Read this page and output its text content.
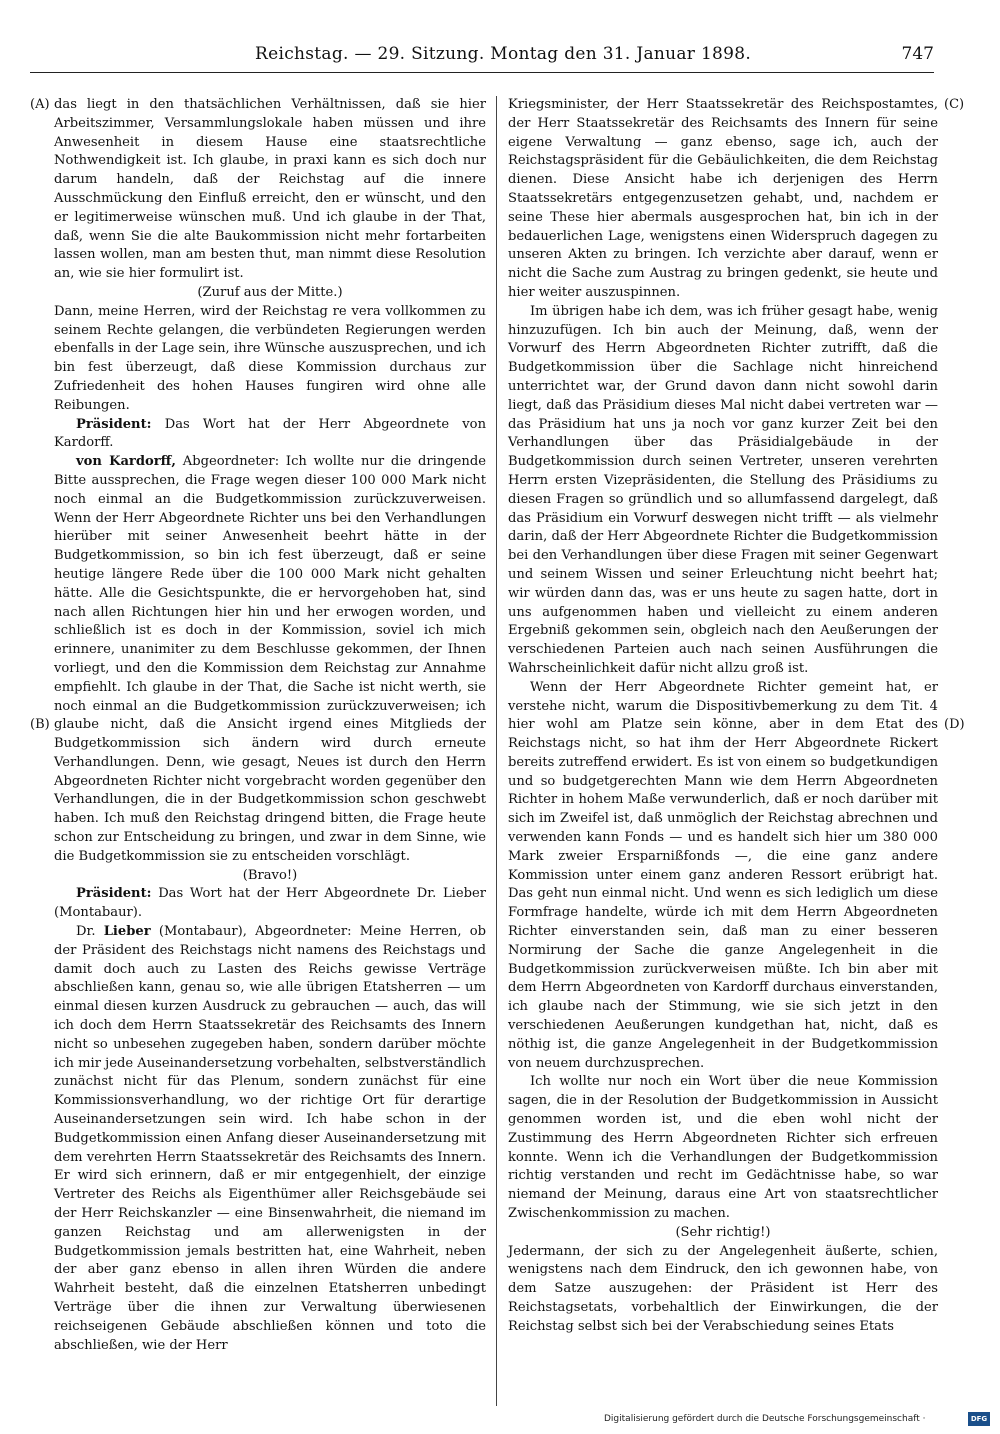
Reichstag. — 29. Sitzung. Montag den 31. Januar 1898.	747
(A)
(B)
(C)
(D)

das liegt in den thatsächlichen Verhältnissen, daß sie hier Arbeitszimmer, Versammlungslokale haben müssen und ihre Anwesenheit in diesem Hause eine staatsrechtliche Nothwendigkeit ist. Ich glaube, in praxi kann es sich doch nur darum handeln, daß der Reichstag auf die innere Ausschmückung den Einfluß erreicht, den er wünscht, und den er legitimerweise wünschen muß. Und ich glaube in der That, daß, wenn Sie die alte Baukommission nicht mehr fortarbeiten lassen wollen, man am besten thut, man nimmt diese Resolution an, wie sie hier formulirt ist.

(Zuruf aus der Mitte.)

Dann, meine Herren, wird der Reichstag re vera vollkommen zu seinem Rechte gelangen, die verbündeten Regierungen werden ebenfalls in der Lage sein, ihre Wünsche auszusprechen, und ich bin fest überzeugt, daß diese Kommission durchaus zur Zufriedenheit des hohen Hauses fungiren wird ohne alle Reibungen.

Präsident: Das Wort hat der Herr Abgeordnete von Kardorff.

von Kardorff, Abgeordneter: Ich wollte nur die dringende Bitte aussprechen, die Frage wegen dieser 100 000 Mark nicht noch einmal an die Budgetkommission zurückzuverweisen. Wenn der Herr Abgeordnete Richter uns bei den Verhandlungen hierüber mit seiner Anwesenheit beehrt hätte in der Budgetkommission, so bin ich fest überzeugt, daß er seine heutige längere Rede über die 100 000 Mark nicht gehalten hätte. Alle die Gesichtspunkte, die er hervorgehoben hat, sind nach allen Richtungen hier hin und her erwogen worden, und schließlich ist es doch in der Kommission, soviel ich mich erinnere, unanimiter zu dem Beschlusse gekommen, der Ihnen vorliegt, und den die Kommission dem Reichstag zur Annahme empfiehlt. Ich glaube in der That, die Sache ist nicht werth, sie noch einmal an die Budgetkommission zurückzuverweisen; ich glaube nicht, daß die Ansicht irgend eines Mitglieds der Budgetkommission sich ändern wird durch erneute Verhandlungen. Denn, wie gesagt, Neues ist durch den Herrn Abgeordneten Richter nicht vorgebracht worden gegenüber den Verhandlungen, die in der Budgetkommission schon geschwebt haben. Ich muß den Reichstag dringend bitten, die Frage heute schon zur Entscheidung zu bringen, und zwar in dem Sinne, wie die Budgetkommission sie zu entscheiden vorschlägt.

(Bravo!)

Präsident: Das Wort hat der Herr Abgeordnete Dr. Lieber (Montabaur).

Dr. Lieber (Montabaur), Abgeordneter: Meine Herren, ob der Präsident des Reichstags nicht namens des Reichstags und damit doch auch zu Lasten des Reichs gewisse Verträge abschließen kann, genau so, wie alle übrigen Etatsherren — um einmal diesen kurzen Ausdruck zu gebrauchen — auch, das will ich doch dem Herrn Staatssekretär des Reichsamts des Innern nicht so unbesehen zugegeben haben, sondern darüber möchte ich mir jede Auseinandersetzung vorbehalten, selbstverständlich zunächst nicht für das Plenum, sondern zunächst für eine Kommissionsverhandlung, wo der richtige Ort für derartige Auseinandersetzungen sein wird. Ich habe schon in der Budgetkommission einen Anfang dieser Auseinandersetzung mit dem verehrten Herrn Staatssekretär des Reichsamts des Innern. Er wird sich erinnern, daß er mir entgegenhielt, der einzige Vertreter des Reichs als Eigenthümer aller Reichsgebäude sei der Herr Reichskanzler — eine Binsenwahrheit, die niemand im ganzen Reichstag und am allerwenigsten in der Budgetkommission jemals bestritten hat, eine Wahrheit, neben der aber ganz ebenso in allen ihren Würden die andere Wahrheit besteht, daß die einzelnen Etatsherren unbedingt Verträge über die ihnen zur Verwaltung überwiesenen reichseigenen Gebäude abschließen können und toto die abschließen, wie der Herr

Kriegsminister, der Herr Staatssekretär des Reichspostamtes, der Herr Staatssekretär des Reichsamts des Innern für seine eigene Verwaltung — ganz ebenso, sage ich, auch der Reichstagspräsident für die Gebäulichkeiten, die dem Reichstag dienen. Diese Ansicht habe ich derjenigen des Herrn Staatssekretärs entgegenzusetzen gehabt, und, nachdem er seine These hier abermals ausgesprochen hat, bin ich in der bedauerlichen Lage, wenigstens einen Widerspruch dagegen zu unseren Akten zu bringen. Ich verzichte aber darauf, wenn er nicht die Sache zum Austrag zu bringen gedenkt, sie heute und hier weiter auszuspinnen.

Im übrigen habe ich dem, was ich früher gesagt habe, wenig hinzuzufügen. Ich bin auch der Meinung, daß, wenn der Vorwurf des Herrn Abgeordneten Richter zutrifft, daß die Budgetkommission über die Sachlage nicht hinreichend unterrichtet war, der Grund davon dann nicht sowohl darin liegt, daß das Präsidium dieses Mal nicht dabei vertreten war — das Präsidium hat uns ja noch vor ganz kurzer Zeit bei den Verhandlungen über das Präsidialgebäude in der Budgetkommission durch seinen Vertreter, unseren verehrten Herrn ersten Vizepräsidenten, die Stellung des Präsidiums zu diesen Fragen so gründlich und so allumfassend dargelegt, daß das Präsidium ein Vorwurf deswegen nicht trifft — als vielmehr darin, daß der Herr Abgeordnete Richter die Budgetkommission bei den Verhandlungen über diese Fragen mit seiner Gegenwart und seinem Wissen und seiner Erleuchtung nicht beehrt hat; wir würden dann das, was er uns heute zu sagen hatte, dort in uns aufgenommen haben und vielleicht zu einem anderen Ergebniß gekommen sein, obgleich nach den Aeußerungen der verschiedenen Parteien auch nach seinen Ausführungen die Wahrscheinlichkeit dafür nicht allzu groß ist.

Wenn der Herr Abgeordnete Richter gemeint hat, er verstehe nicht, warum die Dispositivbemerkung zu dem Tit. 4 hier wohl am Platze sein könne, aber in dem Etat des Reichstags nicht, so hat ihm der Herr Abgeordnete Rickert bereits zutreffend erwidert. Es ist von einem so budgetkundigen und so budgetgerechten Mann wie dem Herrn Abgeordneten Richter in hohem Maße verwunderlich, daß er noch darüber mit sich im Zweifel ist, daß unmöglich der Reichstag abrechnen und verwenden kann Fonds — und es handelt sich hier um 380 000 Mark zweier Ersparnißfonds —, die eine ganz andere Kommission unter einem ganz anderen Ressort erübrigt hat. Das geht nun einmal nicht. Und wenn es sich lediglich um diese Formfrage handelte, würde ich mit dem Herrn Abgeordneten Richter einverstanden sein, daß man zu einer besseren Normirung der Sache die ganze Angelegenheit in die Budgetkommission zurückverweisen müßte. Ich bin aber mit dem Herrn Abgeordneten von Kardorff durchaus einverstanden, ich glaube nach der Stimmung, wie sie sich jetzt in den verschiedenen Aeußerungen kundgethan hat, nicht, daß es nöthig ist, die ganze Angelegenheit in der Budgetkommission von neuem durchzusprechen.

Ich wollte nur noch ein Wort über die neue Kommission sagen, die in der Resolution der Budgetkommission in Aussicht genommen worden ist, und die eben wohl nicht der Zustimmung des Herrn Abgeordneten Richter sich erfreuen konnte. Wenn ich die Verhandlungen der Budgetkommission richtig verstanden und recht im Gedächtnisse habe, so war niemand der Meinung, daraus eine Art von staatsrechtlicher Zwischenkommission zu machen.

(Sehr richtig!)

Jedermann, der sich zu der Angelegenheit äußerte, schien, wenigstens nach dem Eindruck, den ich gewonnen habe, von dem Satze auszugehen: der Präsident ist Herr des Reichstagsetats, vorbehaltlich der Einwirkungen, die der Reichstag selbst sich bei der Verabschiedung seines Etats

Digitalisierung gefördert durch die Deutsche Forschungsgemeinschaft ·	DFG
